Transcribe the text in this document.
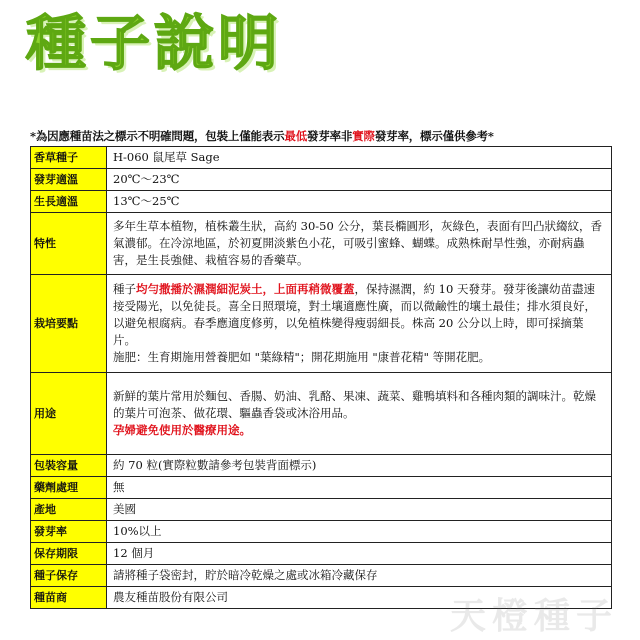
種子說明
*為因應種苗法之標示不明確問題，包裝上僅能表示最低發芽率非實際發芽率，標示僅供參考*
香草種子	H-060 鼠尾草 Sage
發芽適溫	20℃～23℃
生長適溫	13℃～25℃
特性	多年生草本植物，植株叢生狀，高約 30-50 公分，葉長橢圓形，灰綠色，表面有凹凸狀縐紋，香氣濃郁。在冷涼地區，於初夏開淡紫色小花，可吸引蜜蜂、蝴蝶。成熟株耐旱性強，亦耐病蟲害，是生長強健、栽植容易的香藥草。
栽培要點	種子均勻撒播於濕潤細泥炭土，上面再稍微覆蓋，保持濕潤，約 10 天發芽。發芽後讓幼苗盡速接受陽光，以免徒長。喜全日照環境，對土壤適應性廣，而以微鹼性的壤土最佳；排水須良好，以避免根腐病。春季應適度修剪，以免植株變得瘦弱細長。株高 20 公分以上時，即可採摘葉片。

施肥：生育期施用營養肥如 "葉綠精"；開花期施用 "康普花精" 等開花肥。

用途	新鮮的葉片常用於麵包、香腸、奶油、乳酪、果凍、蔬菜、雞鴨填料和各種肉類的調味汁。乾燥的葉片可泡茶、做花環、驅蟲香袋或沐浴用品。

孕婦避免使用於醫療用途。

包裝容量	約 70 粒(實際粒數請參考包裝背面標示)
藥劑處理	無
產地	美國
發芽率	10%以上
保存期限	12 個月
種子保存	請將種子袋密封，貯於暗冷乾燥之處或冰箱冷藏保存
種苗商	農友種苗股份有限公司	天橙種子
